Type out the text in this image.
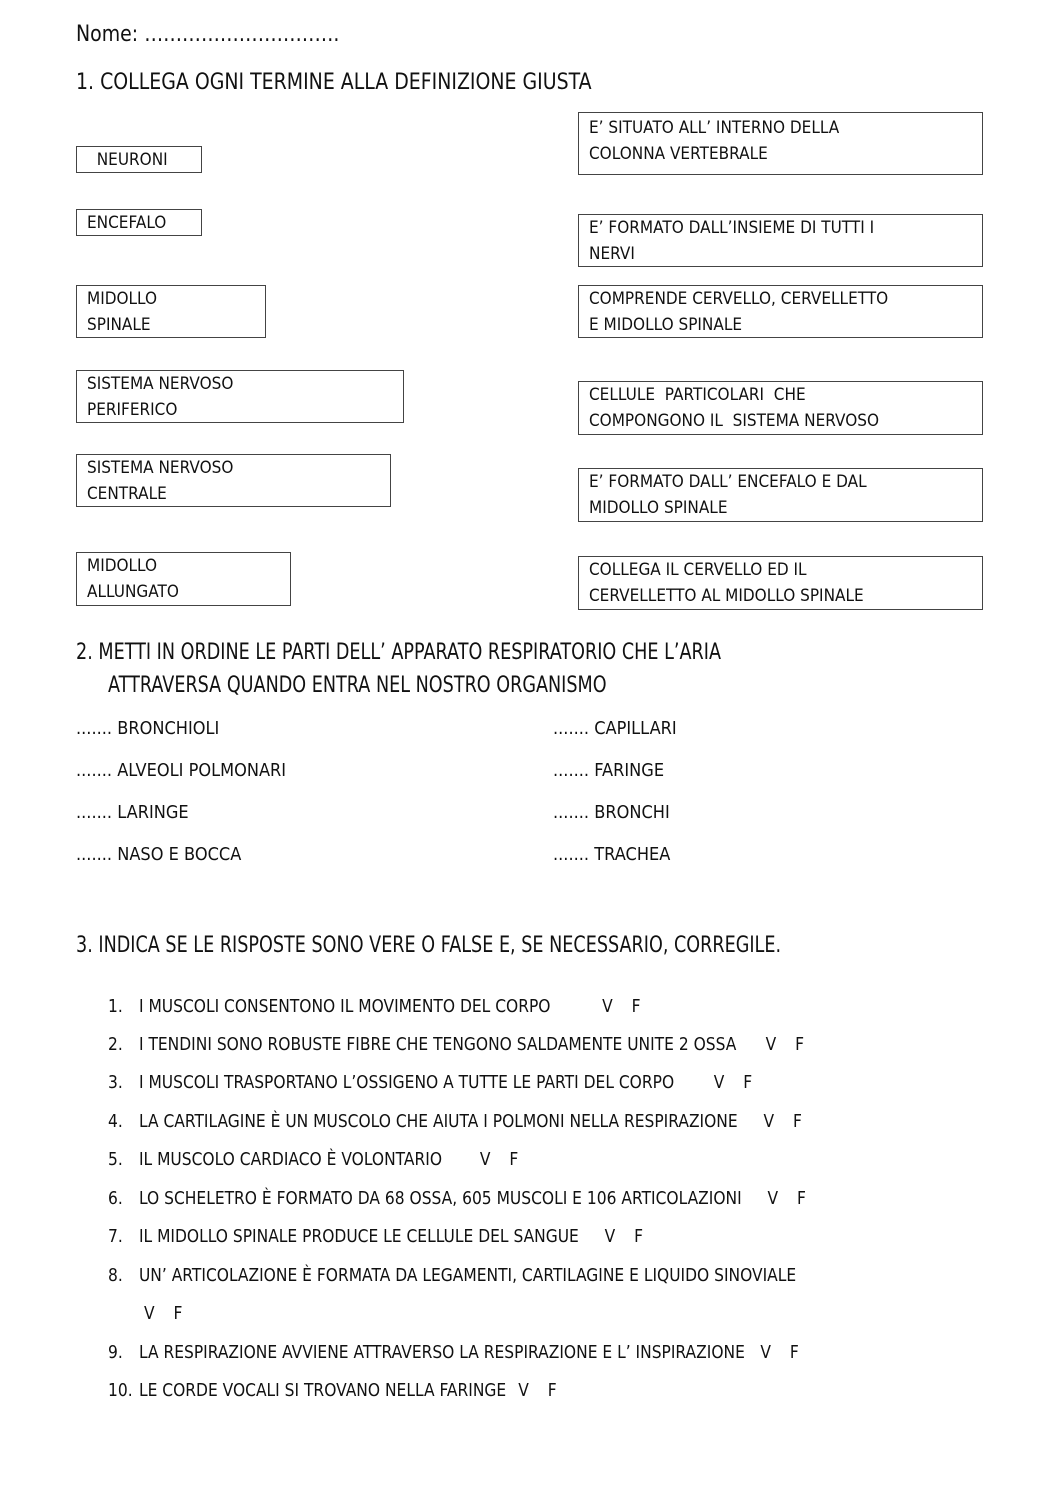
Nome: ………………………….
1. COLLEGA OGNI TERMINE ALLA DEFINIZIONE GIUSTA
NEURONI
ENCEFALO
MIDOLLO
SPINALE
SISTEMA NERVOSO
PERIFERICO
SISTEMA NERVOSO
CENTRALE
MIDOLLO
ALLUNGATO
E’ SITUATO ALL’ INTERNO DELLA
COLONNA VERTEBRALE
E’ FORMATO DALL’INSIEME DI TUTTI I
NERVI
COMPRENDE CERVELLO, CERVELLETTO
E MIDOLLO SPINALE
CELLULE  PARTICOLARI  CHE
COMPONGONO IL  SISTEMA NERVOSO
E’ FORMATO DALL’ ENCEFALO E DAL
MIDOLLO SPINALE
COLLEGA IL CERVELLO ED IL
CERVELLETTO AL MIDOLLO SPINALE
2. METTI IN ORDINE LE PARTI DELL’ APPARATO RESPIRATORIO CHE L’ARIA
ATTRAVERSA QUANDO ENTRA NEL NOSTRO ORGANISMO
3. INDICA SE LE RISPOSTE SONO VERE O FALSE E, SE NECESSARIO, CORREGILE.
....... BRONCHIOLI
....... ALVEOLI POLMONARI
....... LARINGE
....... NASO E BOCCA
....... CAPILLARI
....... FARINGE
....... BRONCHI
....... TRACHEA
1. I MUSCOLI CONSENTONO IL MOVIMENTO DEL CORPO	V F
2. I TENDINI SONO ROBUSTE FIBRE CHE TENGONO SALDAMENTE UNITE 2 OSSA V F
3. I MUSCOLI TRASPORTANO L’OSSIGENO A TUTTE LE PARTI DEL CORPO V F
4. LA CARTILAGINE È UN MUSCOLO CHE AIUTA I POLMONI NELLA RESPIRAZIONE V F
5. IL MUSCOLO CARDIACO È VOLONTARIO V F
6. LO SCHELETRO È FORMATO DA 68 OSSA, 605 MUSCOLI E 106 ARTICOLAZIONI V F
7. IL MIDOLLO SPINALE PRODUCE LE CELLULE DEL SANGUE V F
V F
8. UN’ ARTICOLAZIONE È FORMATA DA LEGAMENTI, CARTILAGINE E LIQUIDO SINOVIALE
9. LA RESPIRAZIONE AVVIENE ATTRAVERSO LA RESPIRAZIONE E L’ INSPIRAZIONE V F
10. LE CORDE VOCALI SI TROVANO NELLA FARINGE V F
